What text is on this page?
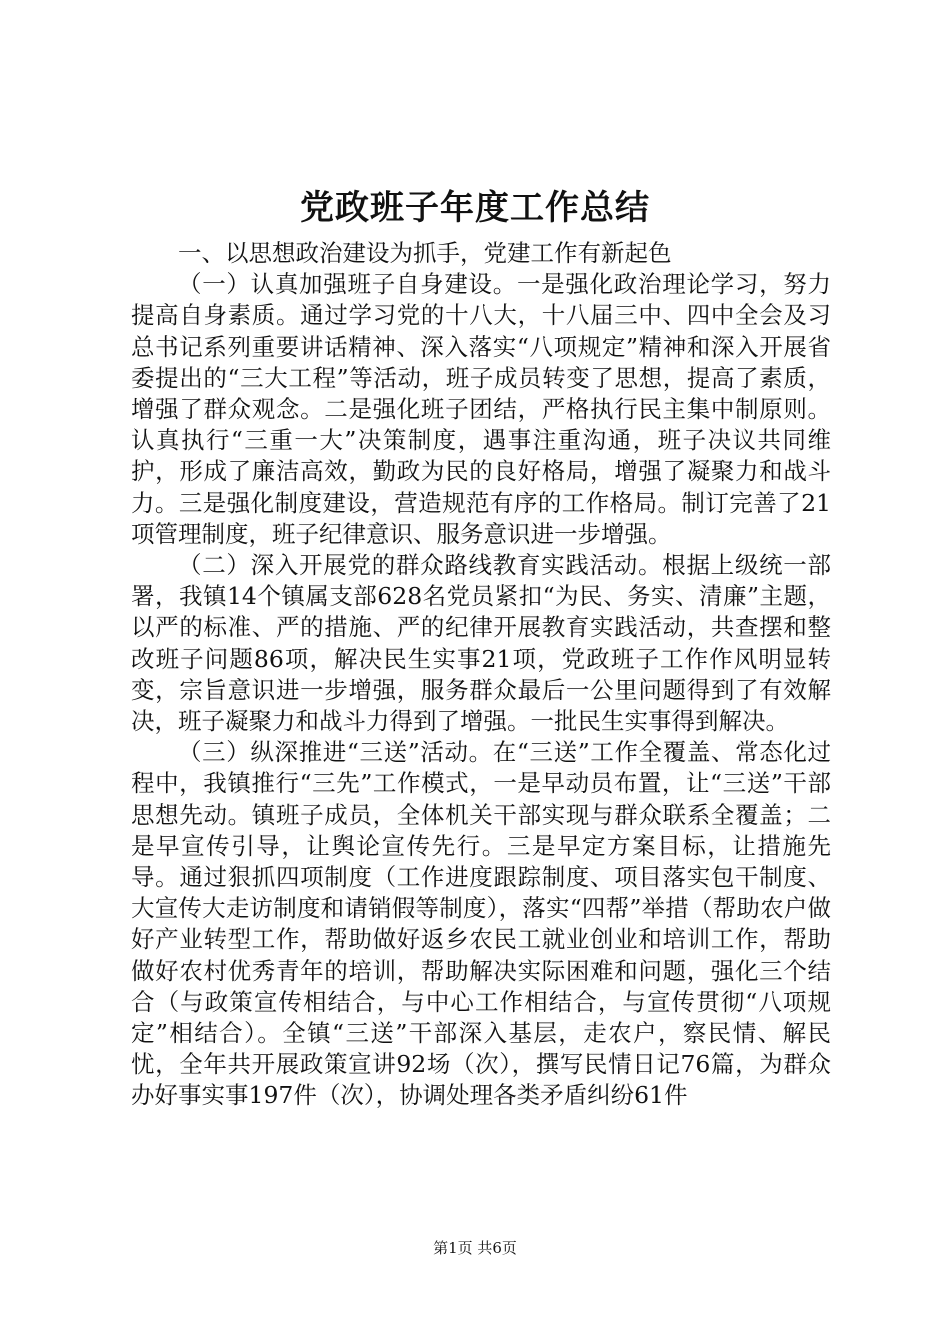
党政班子年度工作总结

一、以思想政治建设为抓手，党建工作有新起色

（一）认真加强班子自身建设。一是强化政治理论学习，努力提高自身素质。通过学习党的十八大，十八届三中、四中全会及习总书记系列重要讲话精神、深入落实“八项规定”精神和深入开展省委提出的“三大工程”等活动，班子成员转变了思想，提高了素质，增强了群众观念。二是强化班子团结，严格执行民主集中制原则。认真执行“三重一大”决策制度，遇事注重沟通，班子决议共同维护，形成了廉洁高效，勤政为民的良好格局，增强了凝聚力和战斗力。三是强化制度建设，营造规范有序的工作格局。制订完善了21项管理制度，班子纪律意识、服务意识进一步增强。

（二）深入开展党的群众路线教育实践活动。根据上级统一部署，我镇14个镇属支部628名党员紧扣“为民、务实、清廉”主题，以严的标准、严的措施、严的纪律开展教育实践活动，共查摆和整改班子问题86项，解决民生实事21项，党政班子工作作风明显转变，宗旨意识进一步增强，服务群众最后一公里问题得到了有效解决，班子凝聚力和战斗力得到了增强。一批民生实事得到解决。

（三）纵深推进“三送”活动。在“三送”工作全覆盖、常态化过程中，我镇推行“三先”工作模式，一是早动员布置，让“三送”干部思想先动。镇班子成员，全体机关干部实现与群众联系全覆盖；二是早宣传引导，让舆论宣传先行。三是早定方案目标，让措施先导。通过狠抓四项制度（工作进度跟踪制度、项目落实包干制度、大宣传大走访制度和请销假等制度），落实“四帮”举措（帮助农户做好产业转型工作，帮助做好返乡农民工就业创业和培训工作，帮助做好农村优秀青年的培训，帮助解决实际困难和问题，强化三个结合（与政策宣传相结合，与中心工作相结合，与宣传贯彻“八项规定”相结合）。全镇“三送”干部深入基层，走农户，察民情、解民忧，全年共开展政策宣讲92场（次），撰写民情日记76篇，为群众办好事实事197件（次），协调处理各类矛盾纠纷61件

第1页 共6页
